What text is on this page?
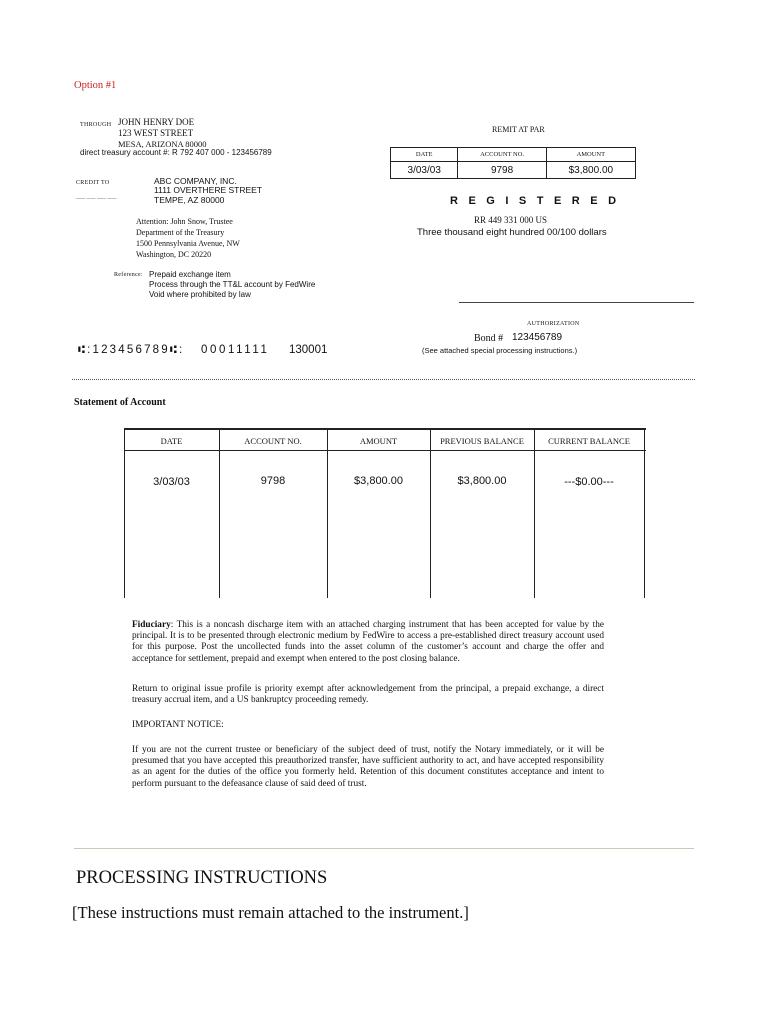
Option #1
THROUGH JOHN HENRY DOE
123 WEST STREET
MESA, ARIZONA 80000
direct treasury account #: R 792 407 000 - 123456789
REMIT AT PAR
DATE	ACCOUNT NO.	AMOUNT
3/03/03	9798	$3,800.00
CREDIT TO
___ ___ ___ ___
ABC COMPANY, INC.
1111 OVERTHERE STREET
TEMPE, AZ 80000	REGISTERED
Attention: John Snow, Trustee
Department of the Treasury
1500 Pennsylvania Avenue, NW
Washington, DC 20220
RR 449 331 000 US
Three thousand eight hundred 00/100 dollars
Reference: Prepaid exchange item
Process through the TT&L account by FedWire
Void where prohibited by law
AUTHORIZATION
Bond # 123456789
(See attached special processing instructions.)
⑆:123456789⑆: 00011111 130001
Statement of Account
DATE	ACCOUNT NO.	AMOUNT	PREVIOUS BALANCE	CURRENT BALANCE
3/03/03	9798	$3,800.00	$3,800.00	---$0.00---
Fiduciary: This is a noncash discharge item with an attached charging instrument that has been accepted for value by the principal. It is to be presented through electronic medium by FedWire to access a pre-established direct treasury account used for this purpose. Post the uncollected funds into the asset column of the customer’s account and charge the offer and acceptance for settlement, prepaid and exempt when entered to the post closing balance.
Return to original issue profile is priority exempt after acknowledgement from the principal, a prepaid exchange, a direct treasury accrual item, and a US bankruptcy proceeding remedy.
IMPORTANT NOTICE:
If you are not the current trustee or beneficiary of the subject deed of trust, notify the Notary immediately, or it will be presumed that you have accepted this preauthorized transfer, have sufficient authority to act, and have accepted responsibility as an agent for the duties of the office you formerly held. Retention of this document constitutes acceptance and intent to perform pursuant to the defeasance clause of said deed of trust.
PROCESSING INSTRUCTIONS
[These instructions must remain attached to the instrument.]
